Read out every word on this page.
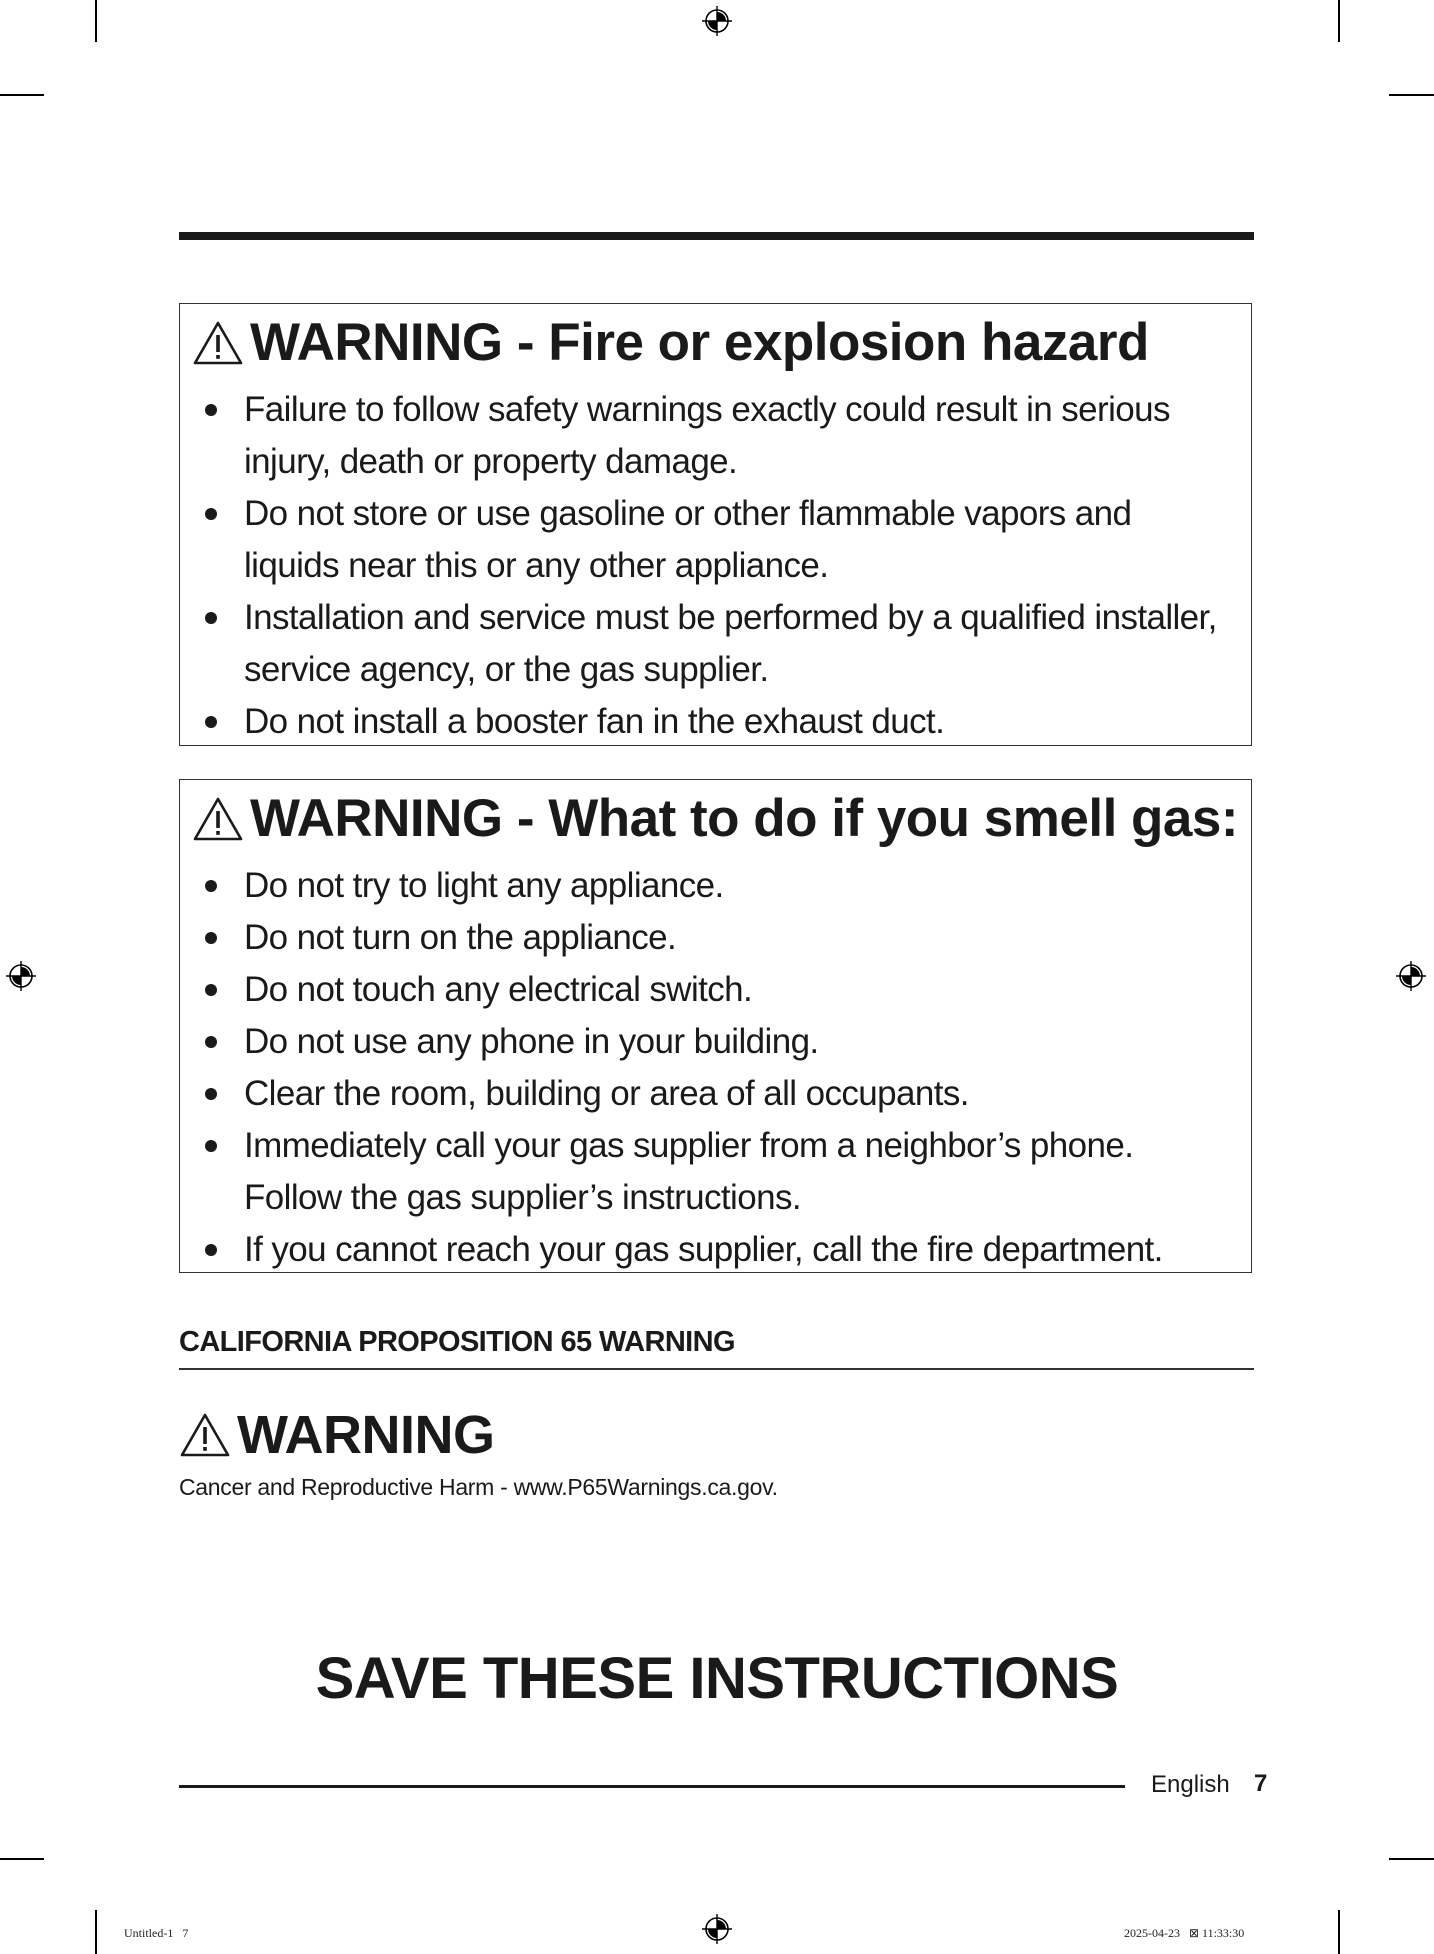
WARNING - Fire or explosion hazard
Failure to follow safety warnings exactly could result in serious injury, death or property damage.
Do not store or use gasoline or other flammable vapors and liquids near this or any other appliance.
Installation and service must be performed by a qualified installer, service agency, or the gas supplier.
Do not install a booster fan in the exhaust duct.
WARNING - What to do if you smell gas:
Do not try to light any appliance.
Do not turn on the appliance.
Do not touch any electrical switch.
Do not use any phone in your building.
Clear the room, building or area of all occupants.
Immediately call your gas supplier from a neighbor’s phone. Follow the gas supplier’s instructions.
If you cannot reach your gas supplier, call the fire department.
CALIFORNIA PROPOSITION 65 WARNING
WARNING
Cancer and Reproductive Harm - www.P65Warnings.ca.gov.
SAVE THESE INSTRUCTIONS
English 7
Untitled-1   7	2025-04-23   ⊠ 11:33:30
